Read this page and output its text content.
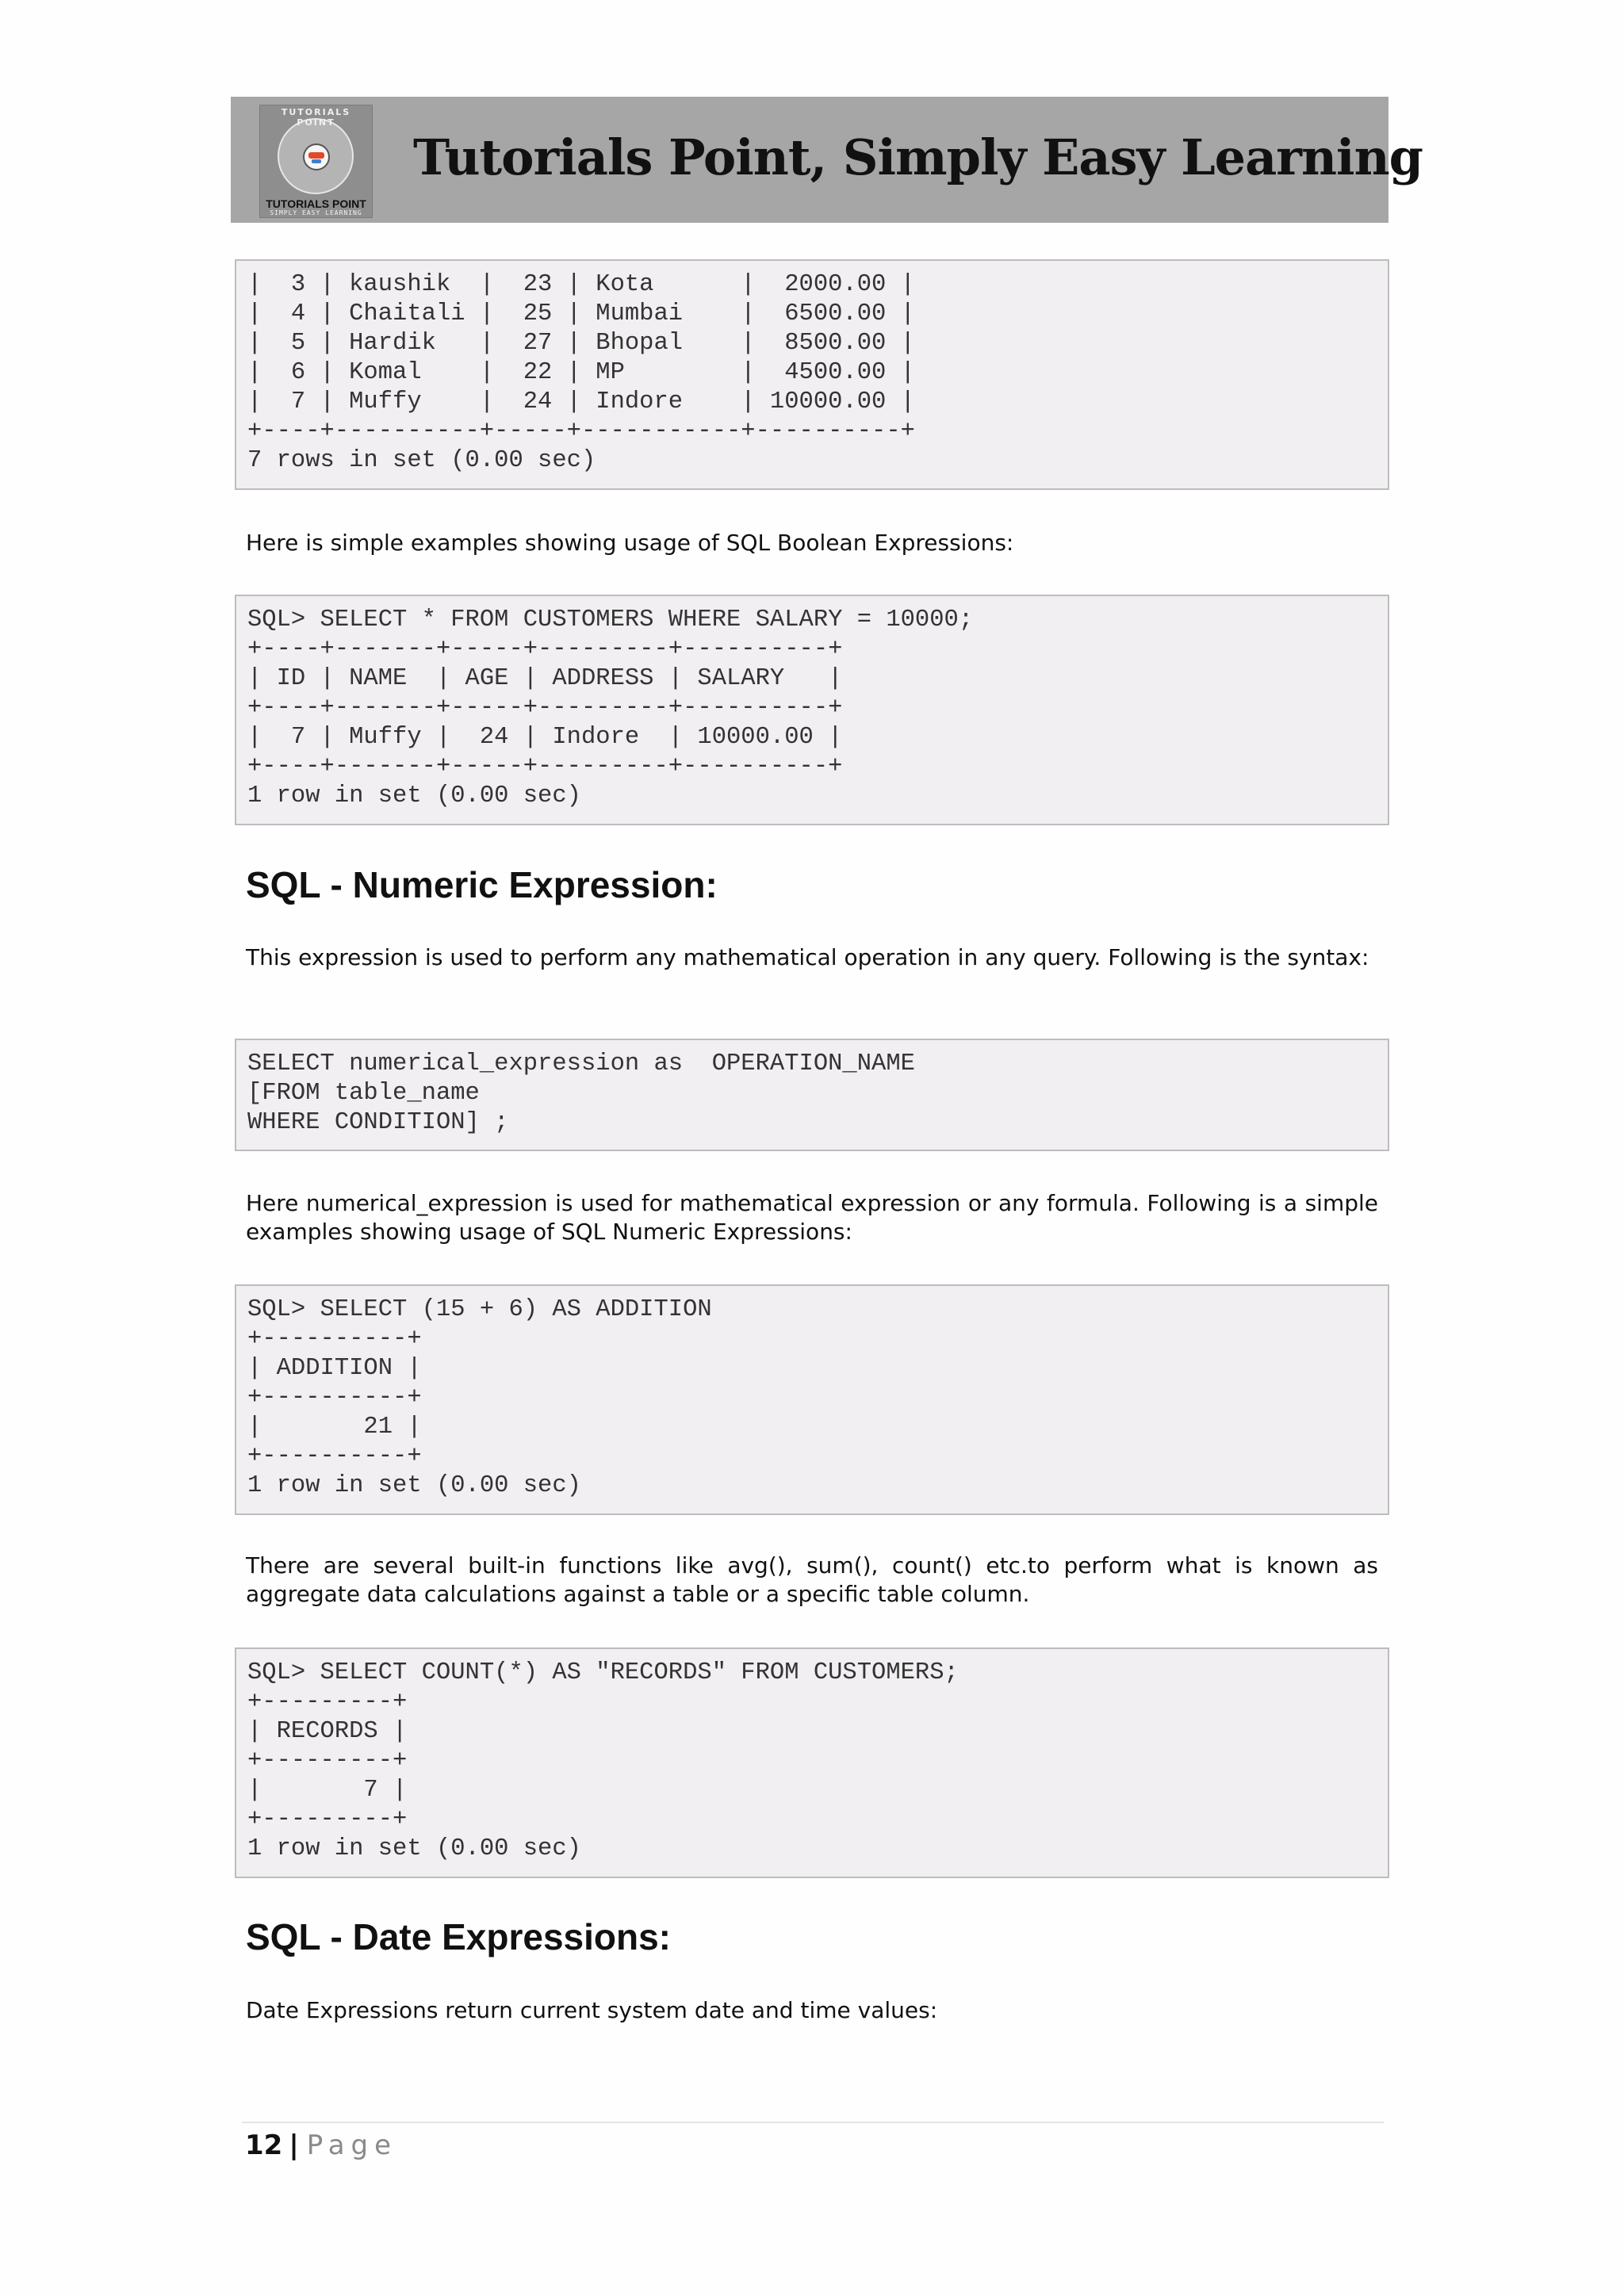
TUTORIALS POINT
TUTORIALS POINT
SIMPLY EASY LEARNING
Tutorials Point, Simply Easy Learning
|  3 | kaushik  |  23 | Kota      |  2000.00 |
|  4 | Chaitali |  25 | Mumbai    |  6500.00 |
|  5 | Hardik   |  27 | Bhopal    |  8500.00 |
|  6 | Komal    |  22 | MP        |  4500.00 |
|  7 | Muffy    |  24 | Indore    | 10000.00 |
+----+----------+-----+-----------+----------+
7 rows in set (0.00 sec)

Here is simple examples showing usage of SQL Boolean Expressions:

SQL> SELECT * FROM CUSTOMERS WHERE SALARY = 10000;
+----+-------+-----+---------+----------+
| ID | NAME  | AGE | ADDRESS | SALARY   |
+----+-------+-----+---------+----------+
|  7 | Muffy |  24 | Indore  | 10000.00 |
+----+-------+-----+---------+----------+
1 row in set (0.00 sec)
SQL - Numeric Expression:

This expression is used to perform any mathematical operation in any query. Following is the syntax:

SELECT numerical_expression as  OPERATION_NAME
[FROM table_name
WHERE CONDITION] ;

Here numerical_expression is used for mathematical expression or any formula. Following is a simple examples showing usage of SQL Numeric Expressions:

SQL> SELECT (15 + 6) AS ADDITION
+----------+
| ADDITION |
+----------+
|       21 |
+----------+
1 row in set (0.00 sec)

There are several built-in functions like avg(), sum(), count() etc.to perform what is known as aggregate data calculations against a table or a specific table column.

SQL> SELECT COUNT(*) AS "RECORDS" FROM CUSTOMERS;
+---------+
| RECORDS |
+---------+
|       7 |
+---------+
1 row in set (0.00 sec)
SQL - Date Expressions:

Date Expressions return current system date and time values:

12 | Page
